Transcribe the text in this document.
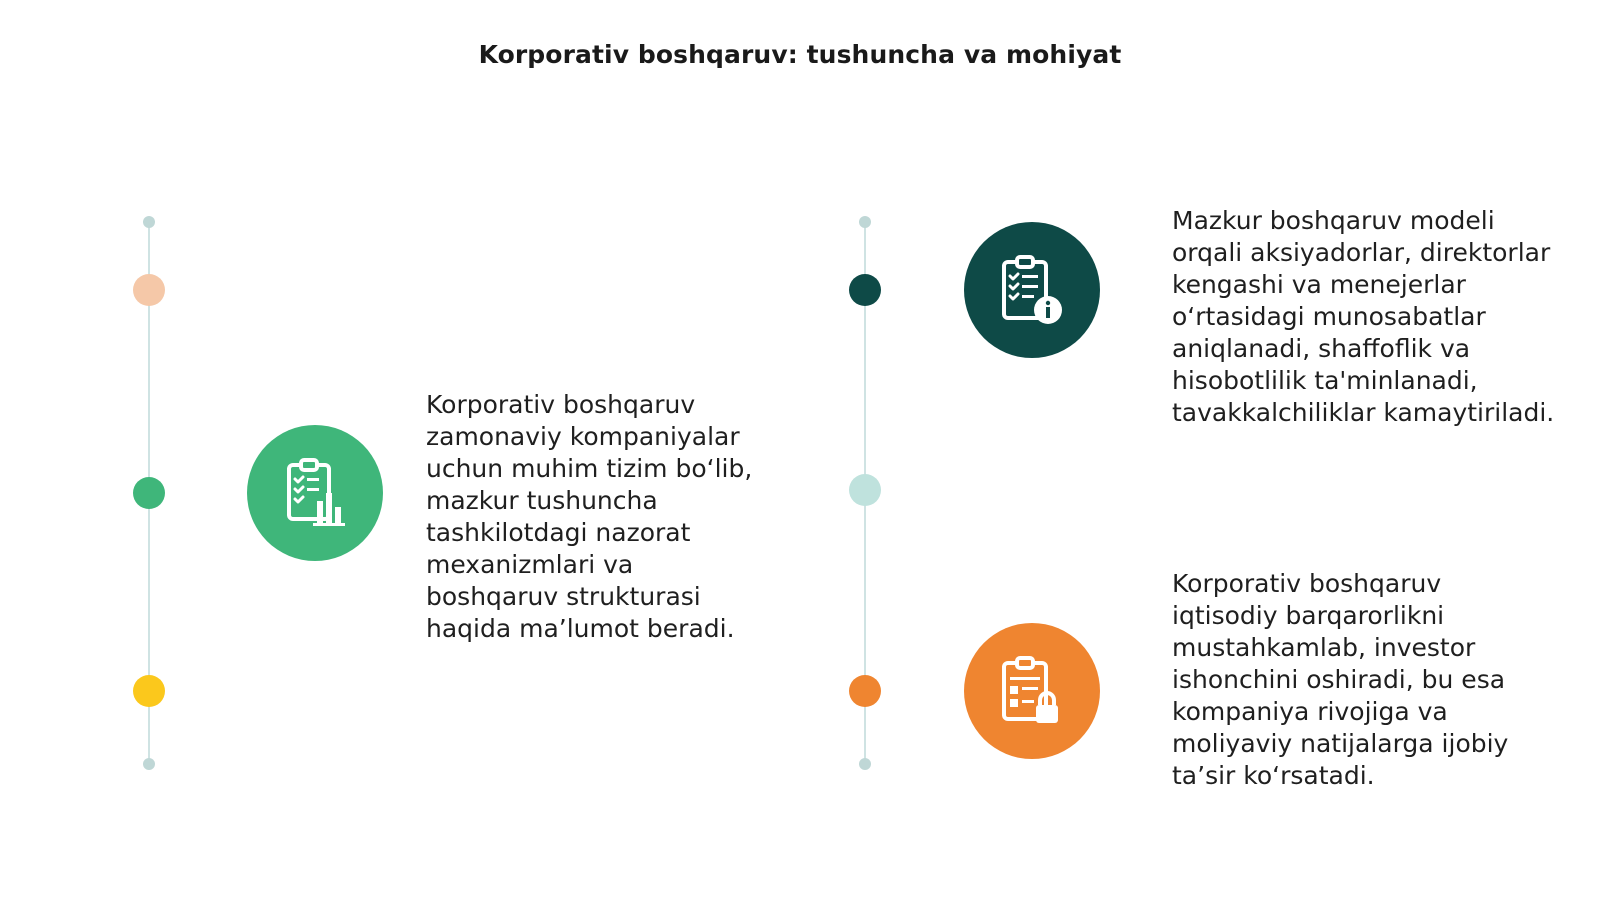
Korporativ boshqaruv: tushuncha va mohiyat
Korporativ boshqaruv
zamonaviy kompaniyalar
uchun muhim tizim bo‘lib,
mazkur tushuncha
tashkilotdagi nazorat
mexanizmlari va
boshqaruv strukturasi
haqida ma’lumot beradi.
Mazkur boshqaruv modeli
orqali aksiyadorlar, direktorlar
kengashi va menejerlar
o‘rtasidagi munosabatlar
aniqlanadi, shaffoflik va
hisobotlilik ta'minlanadi,
tavakkalchiliklar kamaytiriladi.
Korporativ boshqaruv
iqtisodiy barqarorlikni
mustahkamlab, investor
ishonchini oshiradi, bu esa
kompaniya rivojiga va
moliyaviy natijalarga ijobiy
ta’sir ko‘rsatadi.
